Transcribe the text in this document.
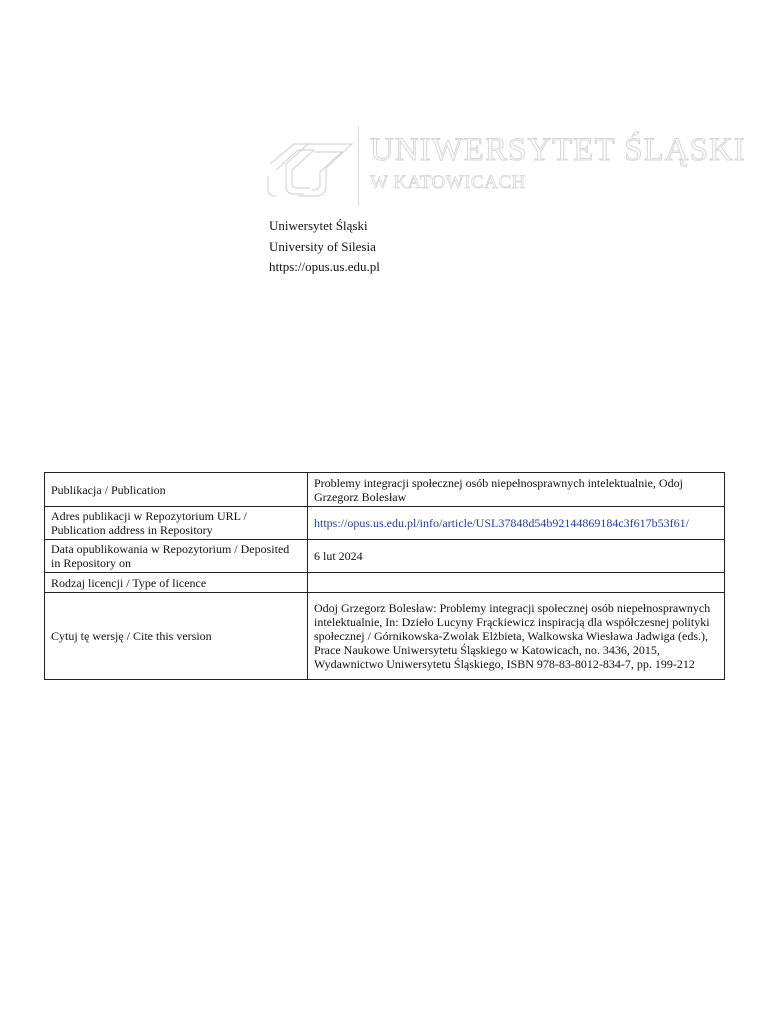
UNIWERSYTET ŚLĄSKI
W KATOWICACH
Uniwersytet Śląski
University of Silesia
https://opus.us.edu.pl
Publikacja / Publication	Problemy integracji społecznej osób niepełnosprawnych intelektualnie, Odoj Grzegorz Bolesław
Adres publikacji w Repozytorium URL / Publication address in Repository	https://opus.us.edu.pl/info/article/USL37848d54b92144869184c3f617b53f61/
Data opublikowania w Repozytorium / Deposited in Repository on	6 lut 2024
Rodzaj licencji / Type of licence	
Cytuj tę wersję / Cite this version	Odoj Grzegorz Bolesław: Problemy integracji społecznej osób niepełnosprawnych intelektualnie, In: Dzieło Lucyny Frąckiewicz inspiracją dla współczesnej polityki społecznej / Górnikowska-Zwolak Elżbieta, Walkowska Wiesława Jadwiga (eds.), Prace Naukowe Uniwersytetu Śląskiego w Katowicach, no. 3436, 2015, Wydawnictwo Uniwersytetu Śląskiego, ISBN 978-83-8012-834-7, pp. 199-212
